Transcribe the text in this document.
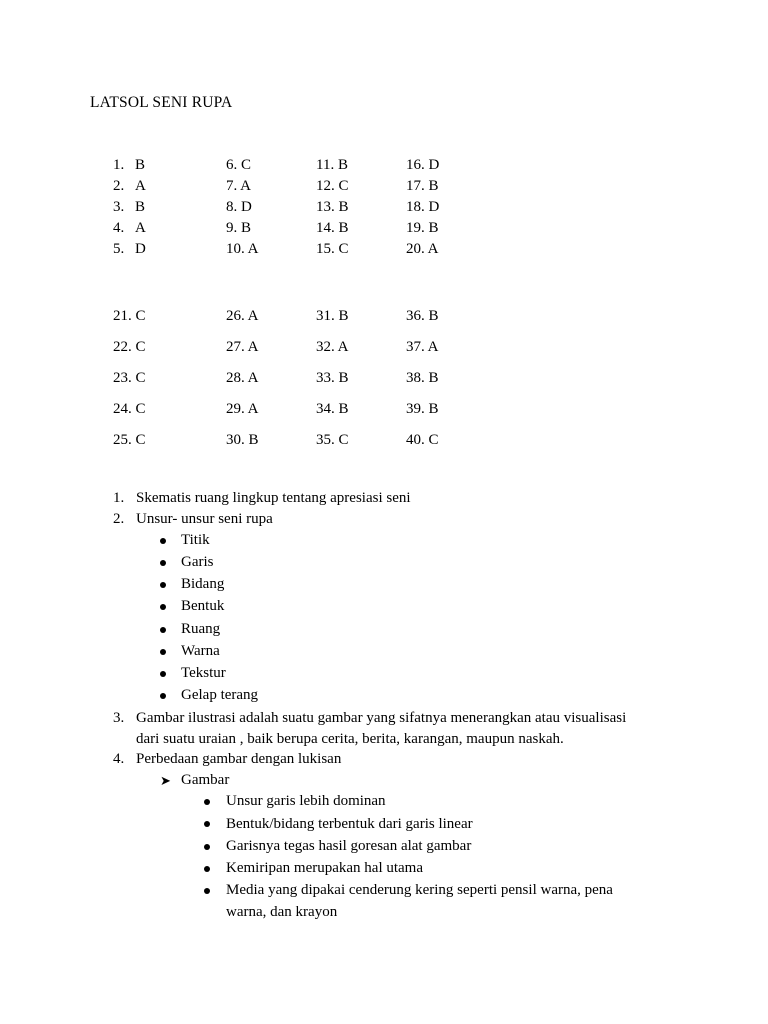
LATSOL SENI RUPA
1. B
2. A
3. B
4. A
5. D
6. C
7. A
8. D
9. B
10. A
11. B
12. C
13. B
14. B
15. C
16. D
17. B
18. D
19. B
20. A
21. C
22. C
23. C
24. C
25. C
26. A
27. A
28. A
29. A
30. B
31. B
32. A
33. B
34. B
35. C
36. B
37. A
38. B
39. B
40. C
1. Skematis ruang lingkup tentang apresiasi seni
2. Unsur- unsur seni rupa
Titik
Garis
Bidang
Bentuk
Ruang
Warna
Tekstur
Gelap terang
3. Gambar ilustrasi adalah suatu gambar yang sifatnya menerangkan atau visualisasi
dari suatu uraian , baik berupa cerita, berita, karangan, maupun naskah.
4. Perbedaan gambar dengan lukisan
➤ Gambar
Unsur garis lebih dominan
Bentuk/bidang terbentuk dari garis linear
Garisnya tegas hasil goresan alat gambar
Kemiripan merupakan hal utama
Media yang dipakai cenderung kering seperti pensil warna, pena
warna, dan krayon
